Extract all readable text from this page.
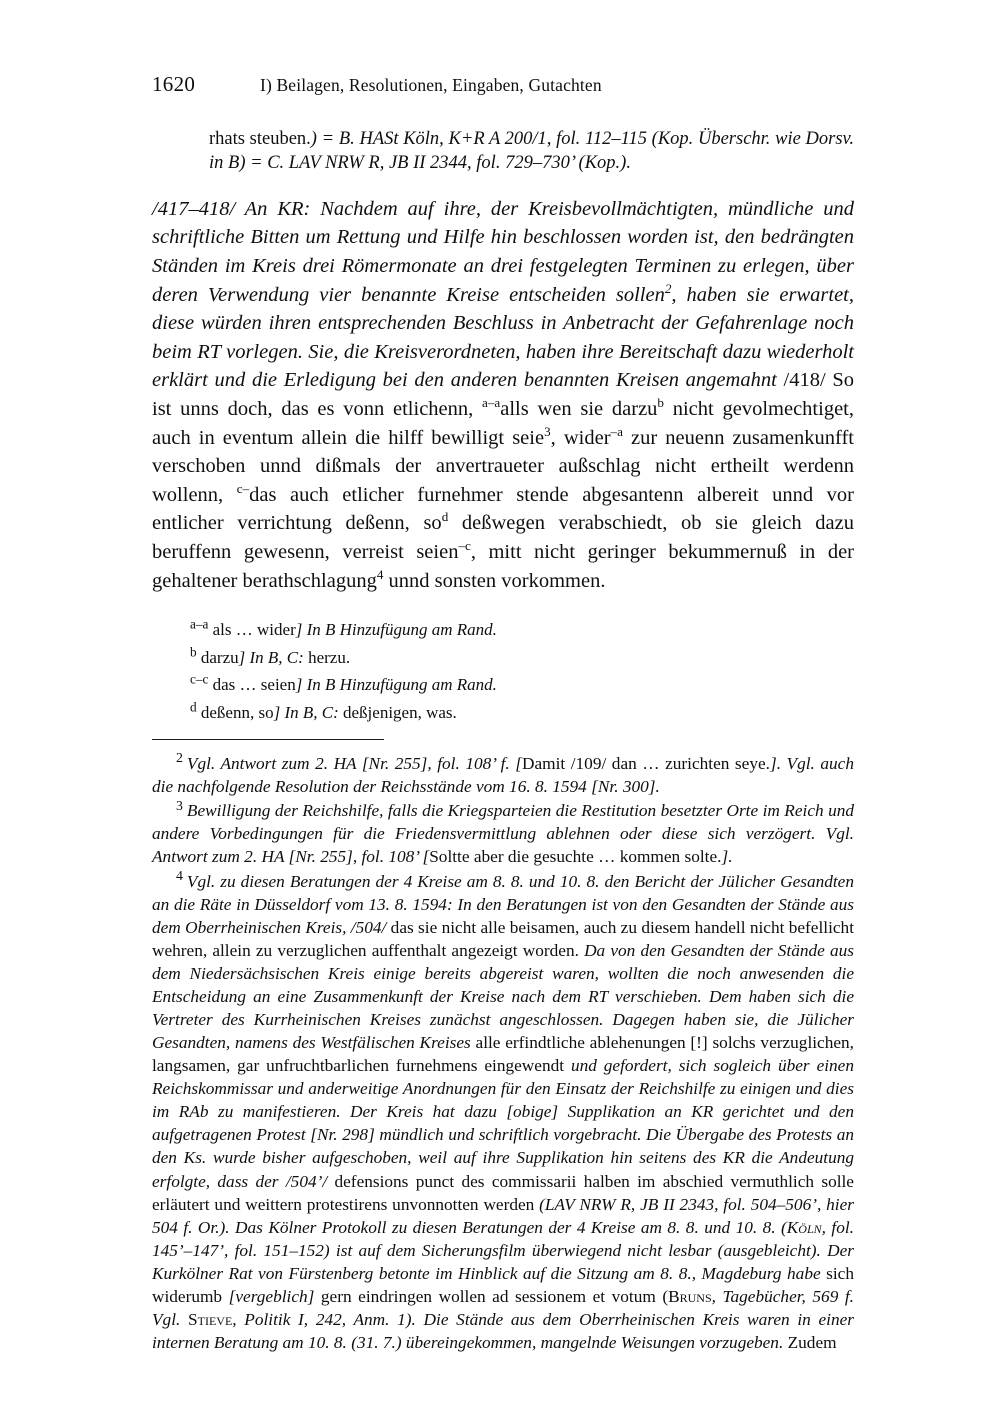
1620	I) Beilagen, Resolutionen, Eingaben, Gutachten
rhats steuben.) = B. HASt Köln, K+R A 200/1, fol. 112–115 (Kop. Überschr. wie Dorsv. in B) = C. LAV NRW R, JB II 2344, fol. 729–730’ (Kop.).
/417–418/ An KR: Nachdem auf ihre, der Kreisbevollmächtigten, mündliche und schriftliche Bitten um Rettung und Hilfe hin beschlossen worden ist, den bedrängten Ständen im Kreis drei Römermonate an drei festgelegten Terminen zu erlegen, über deren Verwendung vier benannte Kreise entscheiden sollen$^2$, haben sie erwartet, diese würden ihren entsprechenden Beschluss in Anbetracht der Gefahrenlage noch beim RT vorlegen. Sie, die Kreisverordneten, haben ihre Bereitschaft dazu wiederholt erklärt und die Erledigung bei den anderen benannten Kreisen angemahnt /418/ So ist unns doch, das es vonn etlichenn, $^{a-a}$alls wen sie darzu$^b$ nicht gevolmechtiget, auch in eventum allein die hilff bewilligt seie$^3$, wider$^{-a}$ zur neuenn zusamenkunfft verschoben unnd dißmals der anvertraueter außschlag nicht ertheilt werdenn wollenn, $^{c-}$das auch etlicher furnehmer stende abgesantenn albereit unnd vor entlicher verrichtung deßenn, $so^d$ deßwegen verabschiedt, ob sie gleich dazu beruffenn gewesenn, verreist seien$^{-c}$, mitt nicht geringer bekummernuß in der gehaltener berathschlagung$^4$ unnd sonsten vorkommen.
$^{a-a}$ als … wider] In B Hinzufügung am Rand.
$^b$ darzu] In B, C: herzu.
$^{c-c}$ das … seien] In B Hinzufügung am Rand.
$^d$ deßenn, so] In B, C: deßjenigen, was.
$^2$ Vgl. Antwort zum 2. HA [Nr. 255], fol. 108’ f. [Damit /109/ dan … zurichten seye.]. Vgl. auch die nachfolgende Resolution der Reichsstände vom 16. 8. 1594 [Nr. 300].
$^3$ Bewilligung der Reichshilfe, falls die Kriegsparteien die Restitution besetzter Orte im Reich und andere Vorbedingungen für die Friedensvermittlung ablehnen oder diese sich verzögert. Vgl. Antwort zum 2. HA [Nr. 255], fol. 108’ [Soltte aber die gesuchte … kommen solte.].
$^4$ Vgl. zu diesen Beratungen der 4 Kreise am 8. 8. und 10. 8. den Bericht der Jülicher Gesandten an die Räte in Düsseldorf vom 13. 8. 1594: In den Beratungen ist von den Gesandten der Stände aus dem Oberrheinischen Kreis, /504/ das sie nicht alle beisamen, auch zu diesem handell nicht befellicht wehren, allein zu verzuglichen auffenthalt angezeigt worden. Da von den Gesandten der Stände aus dem Niedersächsischen Kreis einige bereits abgereist waren, wollten die noch anwesenden die Entscheidung an eine Zusammenkunft der Kreise nach dem RT verschieben. Dem haben sich die Vertreter des Kurrheinischen Kreises zunächst angeschlossen. Dagegen haben sie, die Jülicher Gesandten, namens des Westfälischen Kreises alle erfindtliche ablehenungen [!] solchs verzuglichen, langsamen, gar unfruchtbarlichen furnehmens eingewendt und gefordert, sich sogleich über einen Reichskommissar und anderweitige Anordnungen für den Einsatz der Reichshilfe zu einigen und dies im RAb zu manifestieren. Der Kreis hat dazu [obige] Supplikation an KR gerichtet und den aufgetragenen Protest [Nr. 298] mündlich und schriftlich vorgebracht. Die Übergabe des Protests an den Ks. wurde bisher aufgeschoben, weil auf ihre Supplikation hin seitens des KR die Andeutung erfolgte, dass der /504’/ defensions punct des commissarii halben im abschied vermuthlich solle erläutert und weittern protestirens unvonnotten werden (LAV NRW R, JB II 2343, fol. 504–506’, hier 504 f. Or.). Das Kölner Protokoll zu diesen Beratungen der 4 Kreise am 8. 8. und 10. 8. (Köln, fol. 145’–147’, fol. 151–152) ist auf dem Sicherungsfilm überwiegend nicht lesbar (ausgebleicht). Der Kurkölner Rat von Fürstenberg betonte im Hinblick auf die Sitzung am 8. 8., Magdeburg habe sich widerumb [vergeblich] gern eindringen wollen ad sessionem et votum (Bruns, Tagebücher, 569 f. Vgl. Stieve, Politik I, 242, Anm. 1). Die Stände aus dem Oberrheinischen Kreis waren in einer internen Beratung am 10. 8. (31. 7.) übereingekommen, mangelnde Weisungen vorzugeben. Zudem
